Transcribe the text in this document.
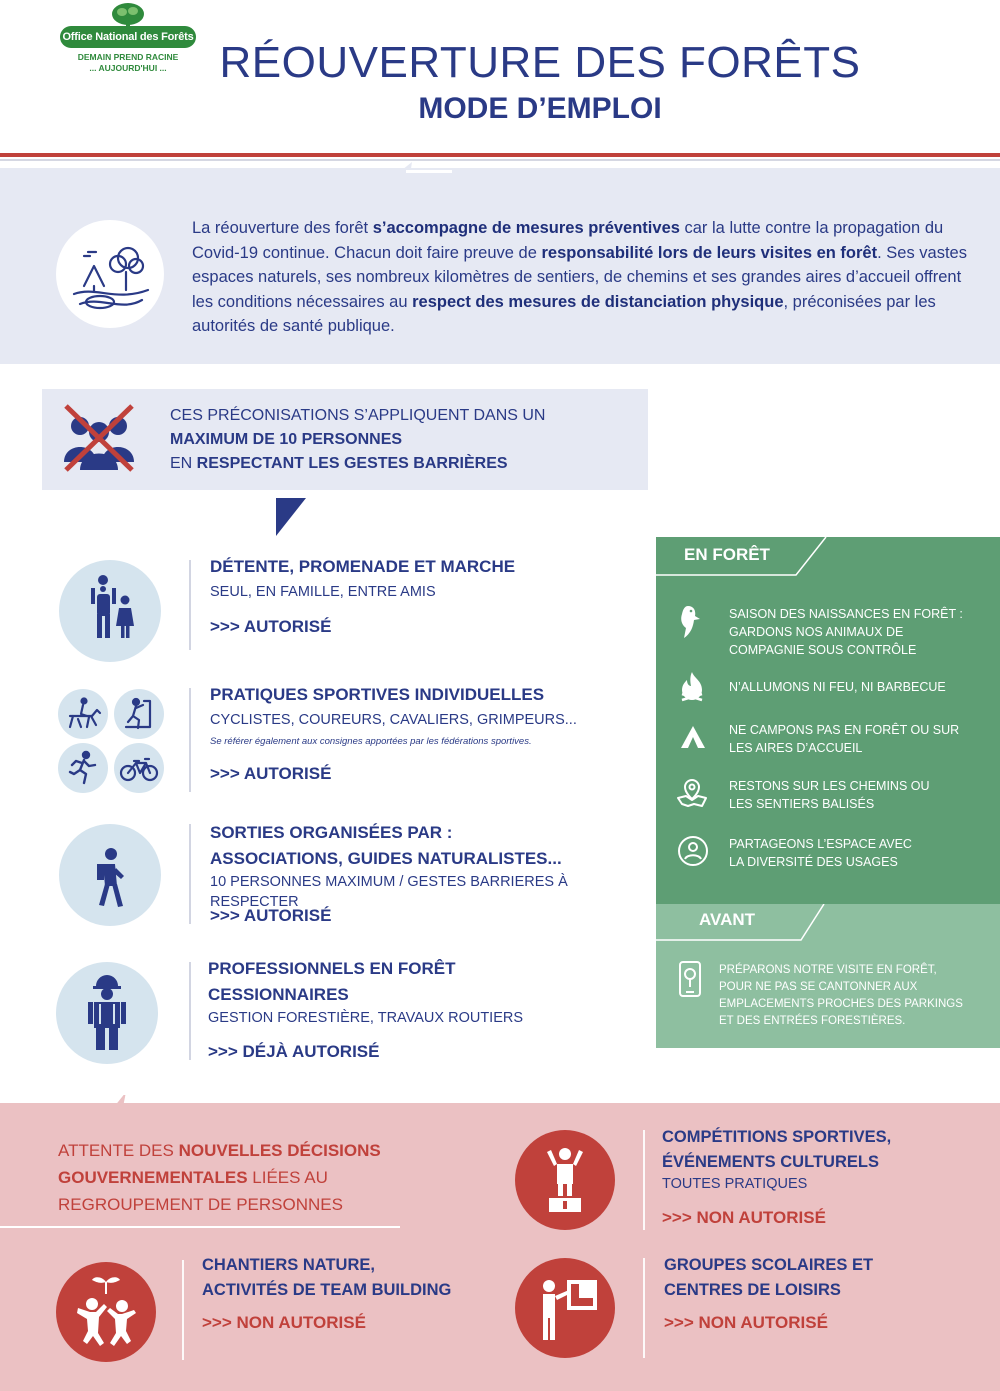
Office National des Forêts
DEMAIN PREND RACINE
... AUJOURD'HUI ...	RÉOUVERTURE DES FORÊTS
MODE D’EMPLOI
La réouverture des forêt s’accompagne de mesures préventives car la lutte contre la propagation du Covid-19 continue. Chacun doit faire preuve de responsabilité lors de leurs visites en forêt. Ses vastes espaces naturels, ses nombreux kilomètres de sentiers, de chemins et ses grandes aires d’accueil offrent les conditions nécessaires au respect des mesures de distanciation physique, préconisées par les autorités de santé publique.
CES PRÉCONISATIONS S’APPLIQUENT DANS UN
MAXIMUM DE 10 PERSONNES
EN RESPECTANT LES GESTES BARRIÈRES
DÉTENTE, PROMENADE ET MARCHE
SEUL, EN FAMILLE, ENTRE AMIS
>>> AUTORISÉ
PRATIQUES SPORTIVES INDIVIDUELLES
CYCLISTES, COUREURS, CAVALIERS, GRIMPEURS...
Se référer également aux consignes apportées par les fédérations sportives.
>>> AUTORISÉ
SORTIES ORGANISÉES PAR :
ASSOCIATIONS, GUIDES NATURALISTES...
10 PERSONNES MAXIMUM / GESTES BARRIERES À RESPECTER
>>> AUTORISÉ
PROFESSIONNELS EN FORÊT
CESSIONNAIRES
GESTION FORESTIÈRE, TRAVAUX ROUTIERS
>>> DÉJÀ AUTORISÉ
EN FORÊT
SAISON DES NAISSANCES EN FORÊT :
GARDONS NOS ANIMAUX DE
COMPAGNIE SOUS CONTRÔLE
N’ALLUMONS NI FEU, NI BARBECUE
NE CAMPONS PAS EN FORÊT OU SUR
LES AIRES D’ACCUEIL
RESTONS SUR LES CHEMINS OU
LES SENTIERS BALISÉS
PARTAGEONS L’ESPACE AVEC
LA DIVERSITÉ DES USAGES
AVANT
PRÉPARONS NOTRE VISITE EN FORÊT,
POUR NE PAS SE CANTONNER AUX
EMPLACEMENTS PROCHES DES PARKINGS
ET DES ENTRÉES FORESTIÈRES.
ATTENTE DES NOUVELLES DÉCISIONS GOUVERNEMENTALES LIÉES AU REGROUPEMENT DE PERSONNES
COMPÉTITIONS SPORTIVES,
ÉVÉNEMENTS CULTURELS
TOUTES PRATIQUES
>>> NON AUTORISÉ
CHANTIERS NATURE,
ACTIVITÉS DE TEAM BUILDING
>>> NON AUTORISÉ
GROUPES SCOLAIRES ET
CENTRES DE LOISIRS
>>> NON AUTORISÉ
